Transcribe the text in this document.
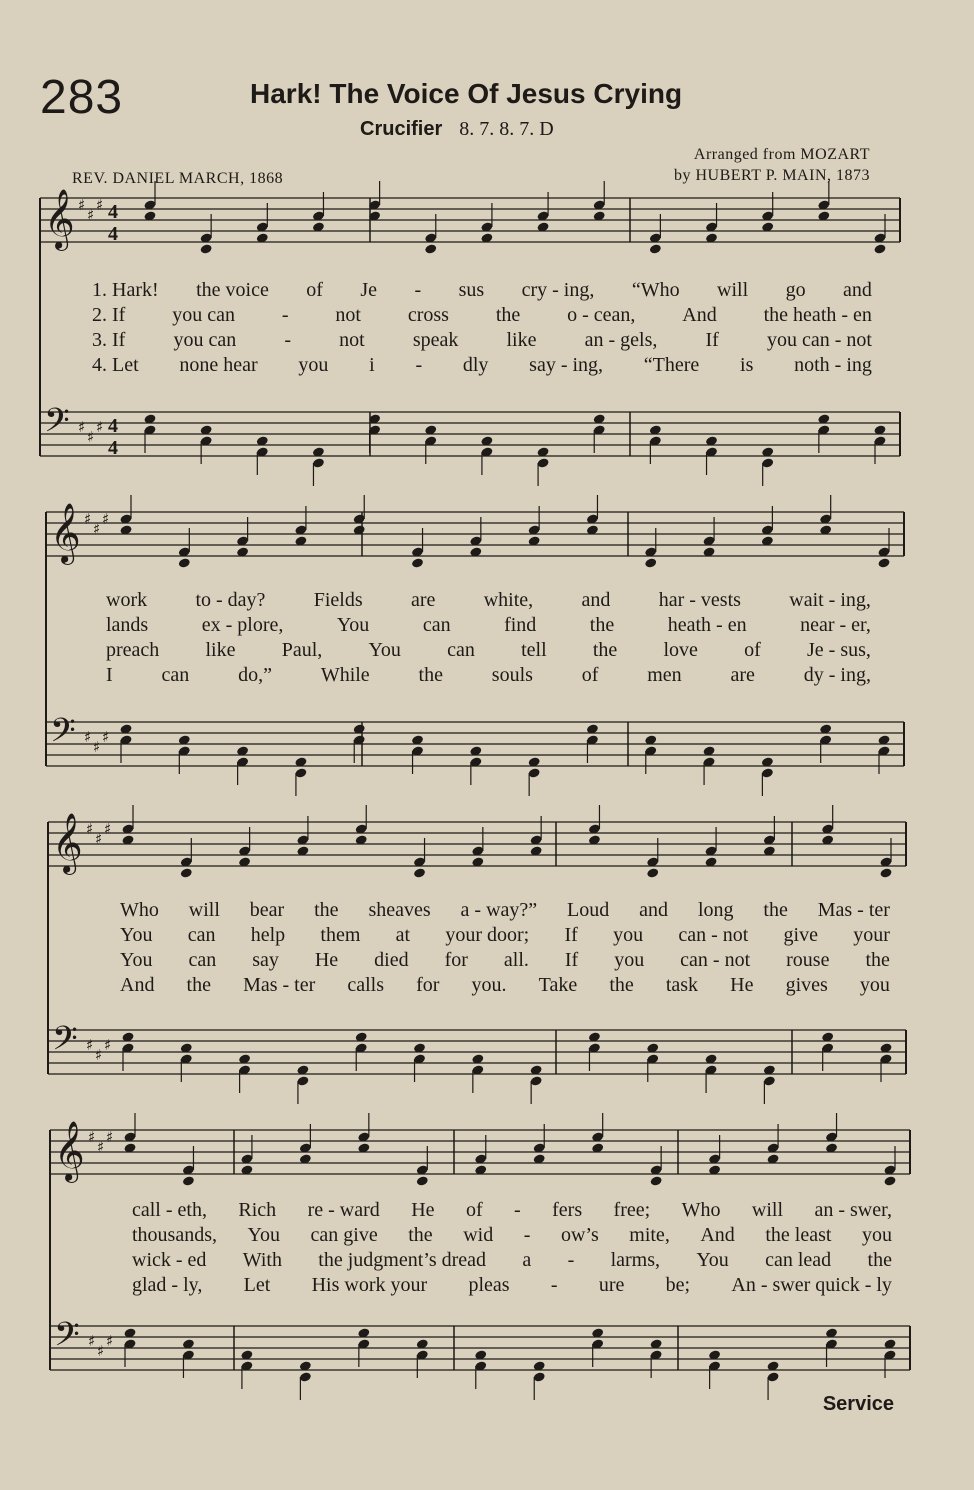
283	Hark! The Voice Of Jesus Crying
Crucifier 8. 7. 8. 7. D
Arranged from MOZART
by HUBERT P. MAIN, 1873
REV. DANIEL MARCH, 1868
𝄞 ♯
♯
♯
𝄢 ♯
♯
♯
𝄞 ♯
♯
♯
𝄢 ♯
♯
♯
𝄞 ♯
♯
♯
𝄢 ♯
♯
♯
𝄞 ♯
♯
♯
𝄢 ♯
♯
♯
4
4
4
4
1. Hark! the voice of Je - sus cry - ing, “Who will go and
2. If you can - not cross the o - cean, And the heath - en
3. If you can - not speak like an - gels, If you can - not
4. Let none hear you i - dly say - ing, “There is noth - ing
work to - day? Fields are white, and har - vests wait - ing,
lands	ex - plore,	You	can	find	the	heath - en	near - er,
preach like Paul, You can tell the love of Je - sus,
I can do,” While the souls of men are dy - ing,
Who will bear the sheaves a - way?” Loud and long the Mas - ter
You can help them at your door; If you can - not give your
You can say He died for all. If you can - not rouse the
And the Mas - ter calls for you. Take the task He gives you
call - eth, Rich re - ward He of - fers free; Who will an - swer,
thousands, You can give the wid - ow’s mite, And the least you
wick - ed With the judgment’s dread a - larms, You can lead the
glad - ly, Let His work your pleas - ure be; An - swer quick - ly
Service
